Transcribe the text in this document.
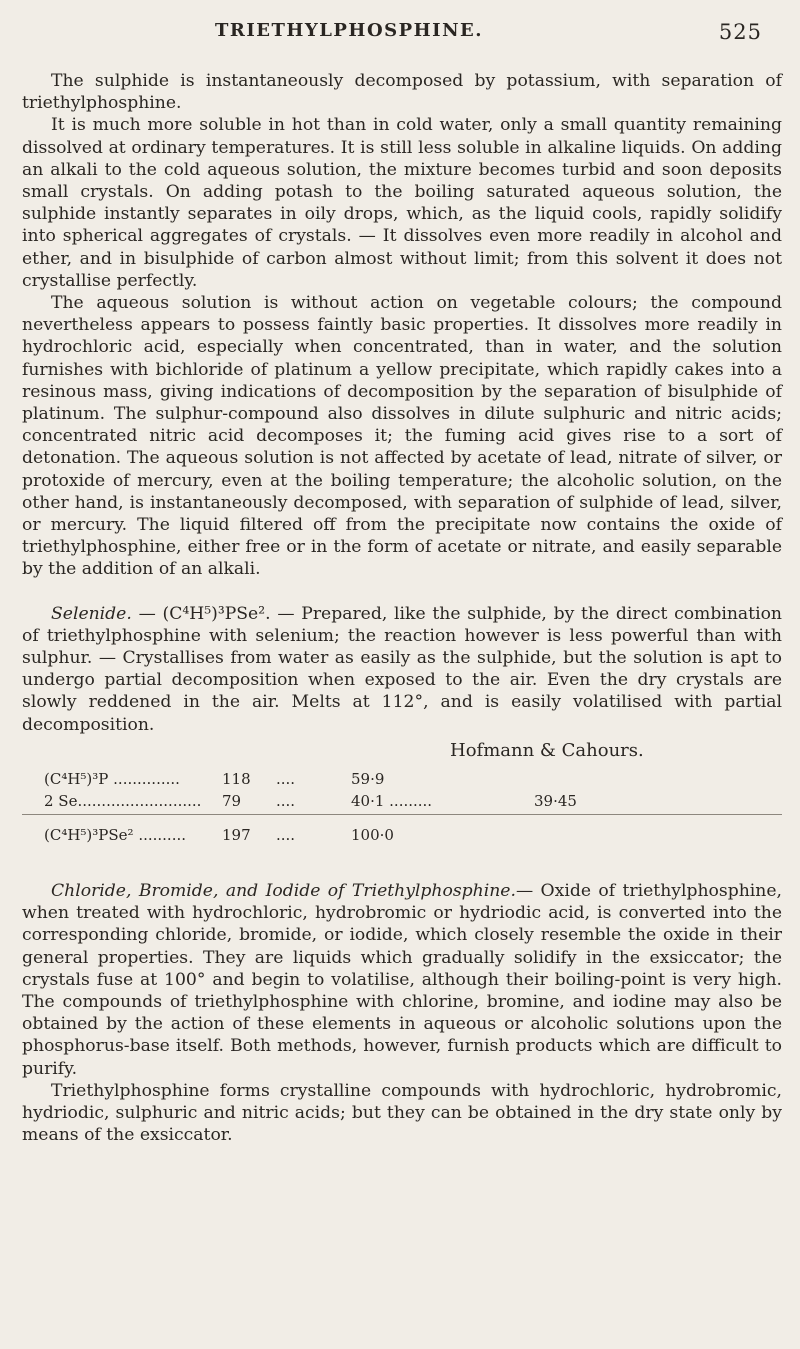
TRIETHYLPHOSPHINE.	525

The sulphide is instantaneously decomposed by potassium, with separation of triethylphosphine.

It is much more soluble in hot than in cold water, only a small quantity remaining dissolved at ordinary temperatures. It is still less soluble in alkaline liquids. On adding an alkali to the cold aqueous solution, the mixture becomes turbid and soon deposits small crystals. On adding potash to the boiling saturated aqueous solution, the sulphide instantly separates in oily drops, which, as the liquid cools, rapidly solidify into spherical aggregates of crystals. — It dissolves even more readily in alcohol and ether, and in bisulphide of carbon almost without limit; from this solvent it does not crystallise perfectly.

The aqueous solution is without action on vegetable colours; the compound nevertheless appears to possess faintly basic properties. It dissolves more readily in hydrochloric acid, especially when concentrated, than in water, and the solution furnishes with bichloride of platinum a yellow precipitate, which rapidly cakes into a resinous mass, giving indications of decomposition by the separation of bisulphide of platinum. The sulphur-compound also dissolves in dilute sulphuric and nitric acids; concentrated nitric acid decomposes it; the fuming acid gives rise to a sort of detonation. The aqueous solution is not affected by acetate of lead, nitrate of silver, or protoxide of mercury, even at the boiling temperature; the alcoholic solution, on the other hand, is instantaneously decomposed, with separation of sulphide of lead, silver, or mercury. The liquid filtered off from the precipitate now contains the oxide of triethylphosphine, either free or in the form of acetate or nitrate, and easily separable by the addition of an alkali.

Selenide. — (C⁴H⁵)³PSe². — Prepared, like the sulphide, by the direct combination of triethylphosphine with selenium; the reaction however is less powerful than with sulphur. — Crystallises from water as easily as the sulphide, but the solution is apt to undergo partial decomposition when exposed to the air. Even the dry crystals are slowly reddened in the air. Melts at 112°, and is easily volatilised with partial decomposition.

Hofmann & Cahours.
(C⁴H⁵)³P ..............	118 ....	59·9
2 Se.......................... 79 ....	40·1 .........	39·45
(C⁴H⁵)³PSe² .......... 197 ....	100·0

Chloride, Bromide, and Iodide of Triethylphosphine.— Oxide of triethylphosphine, when treated with hydrochloric, hydrobromic or hydriodic acid, is converted into the corresponding chloride, bromide, or iodide, which closely resemble the oxide in their general properties. They are liquids which gradually solidify in the exsiccator; the crystals fuse at 100° and begin to volatilise, although their boiling-point is very high. The compounds of triethylphosphine with chlorine, bromine, and iodine may also be obtained by the action of these elements in aqueous or alcoholic solutions upon the phosphorus-base itself. Both methods, however, furnish products which are difficult to purify.

Triethylphosphine forms crystalline compounds with hydrochloric, hydrobromic, hydriodic, sulphuric and nitric acids; but they can be obtained in the dry state only by means of the exsiccator.
